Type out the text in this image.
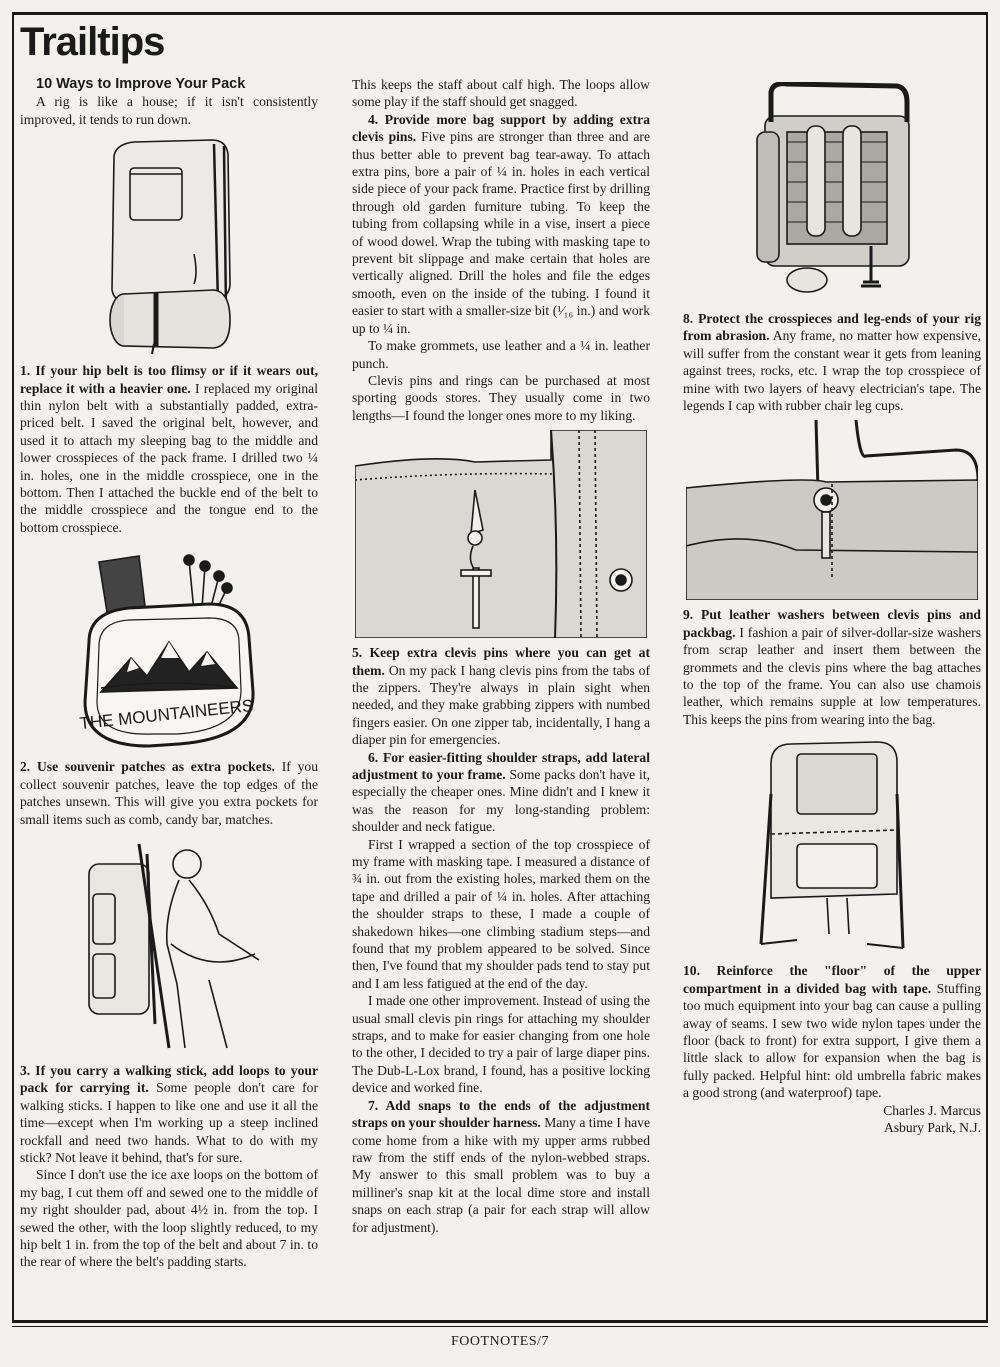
Trailtips

10 Ways to Improve Your Pack

A rig is like a house; if it isn't consistently improved, it tends to run down.

1. If your hip belt is too flimsy or if it wears out, replace it with a heavier one. I replaced my original thin nylon belt with a substantially padded, extra-priced belt. I saved the original belt, however, and used it to attach my sleeping bag to the middle and lower crosspieces of the pack frame. I drilled two ¼ in. holes, one in the middle crosspiece, one in the bottom. Then I attached the buckle end of the belt to the middle crosspiece and the tongue end to the bottom crosspiece.

THE MOUNTAINEERS

2. Use souvenir patches as extra pockets. If you collect souvenir patches, leave the top edges of the patches unsewn. This will give you extra pockets for small items such as comb, candy bar, matches.

3. If you carry a walking stick, add loops to your pack for carrying it. Some people don't care for walking sticks. I happen to like one and use it all the time—except when I'm working up a steep inclined rockfall and need two hands. What to do with my stick? Not leave it behind, that's for sure.

Since I don't use the ice axe loops on the bottom of my bag, I cut them off and sewed one to the middle of my right shoulder pad, about 4½ in. from the top. I sewed the other, with the loop slightly reduced, to my hip belt 1 in. from the top of the belt and about 7 in. to the rear of where the belt's padding starts.

This keeps the staff about calf high. The loops allow some play if the staff should get snagged.

4. Provide more bag support by adding extra clevis pins. Five pins are stronger than three and are thus better able to prevent bag tear-away. To attach extra pins, bore a pair of ¼ in. holes in each vertical side piece of your pack frame. Practice first by drilling through old garden furniture tubing. To keep the tubing from collapsing while in a vise, insert a piece of wood dowel. Wrap the tubing with masking tape to prevent bit slippage and make certain that holes are vertically aligned. Drill the holes and file the edges smooth, even on the inside of the tubing. I found it easier to start with a smaller-size bit (¹⁄₁₆ in.) and work up to ¼ in.

To make grommets, use leather and a ¼ in. leather punch.

Clevis pins and rings can be purchased at most sporting goods stores. They usually come in two lengths—I found the longer ones more to my liking.

5. Keep extra clevis pins where you can get at them. On my pack I hang clevis pins from the tabs of the zippers. They're always in plain sight when needed, and they make grabbing zippers with numbed fingers easier. On one zipper tab, incidentally, I hang a diaper pin for emergencies.

6. For easier-fitting shoulder straps, add lateral adjustment to your frame. Some packs don't have it, especially the cheaper ones. Mine didn't and I knew it was the reason for my long-standing problem: shoulder and neck fatigue.

First I wrapped a section of the top crosspiece of my frame with masking tape. I measured a distance of ¾ in. out from the existing holes, marked them on the tape and drilled a pair of ¼ in. holes. After attaching the shoulder straps to these, I made a couple of shakedown hikes—one climbing stadium steps—and found that my problem appeared to be solved. Since then, I've found that my shoulder pads tend to stay put and I am less fatigued at the end of the day.

I made one other improvement. Instead of using the usual small clevis pin rings for attaching my shoulder straps, and to make for easier changing from one hole to the other, I decided to try a pair of large diaper pins. The Dub-L-Lox brand, I found, has a positive locking device and worked fine.

7. Add snaps to the ends of the adjustment straps on your shoulder harness. Many a time I have come home from a hike with my upper arms rubbed raw from the stiff ends of the nylon-webbed straps. My answer to this small problem was to buy a milliner's snap kit at the local dime store and install snaps on each strap (a pair for each strap will allow for adjustment).

8. Protect the crosspieces and leg-ends of your rig from abrasion. Any frame, no matter how expensive, will suffer from the constant wear it gets from leaning against trees, rocks, etc. I wrap the top crosspiece of mine with two layers of heavy electrician's tape. The legends I cap with rubber chair leg cups.

9. Put leather washers between clevis pins and packbag. I fashion a pair of silver-dollar-size washers from scrap leather and insert them between the grommets and the clevis pins where the bag attaches to the top of the frame. You can also use chamois leather, which remains supple at low temperatures. This keeps the pins from wearing into the bag.

10. Reinforce the "floor" of the upper compartment in a divided bag with tape. Stuffing too much equipment into your bag can cause a pulling away of seams. I sew two wide nylon tapes under the floor (back to front) for extra support, I give them a little slack to allow for expansion when the bag is fully packed. Helpful hint: old umbrella fabric makes a good strong (and waterproof) tape.

Charles J. Marcus
Asbury Park, N.J.

FOOTNOTES/7
